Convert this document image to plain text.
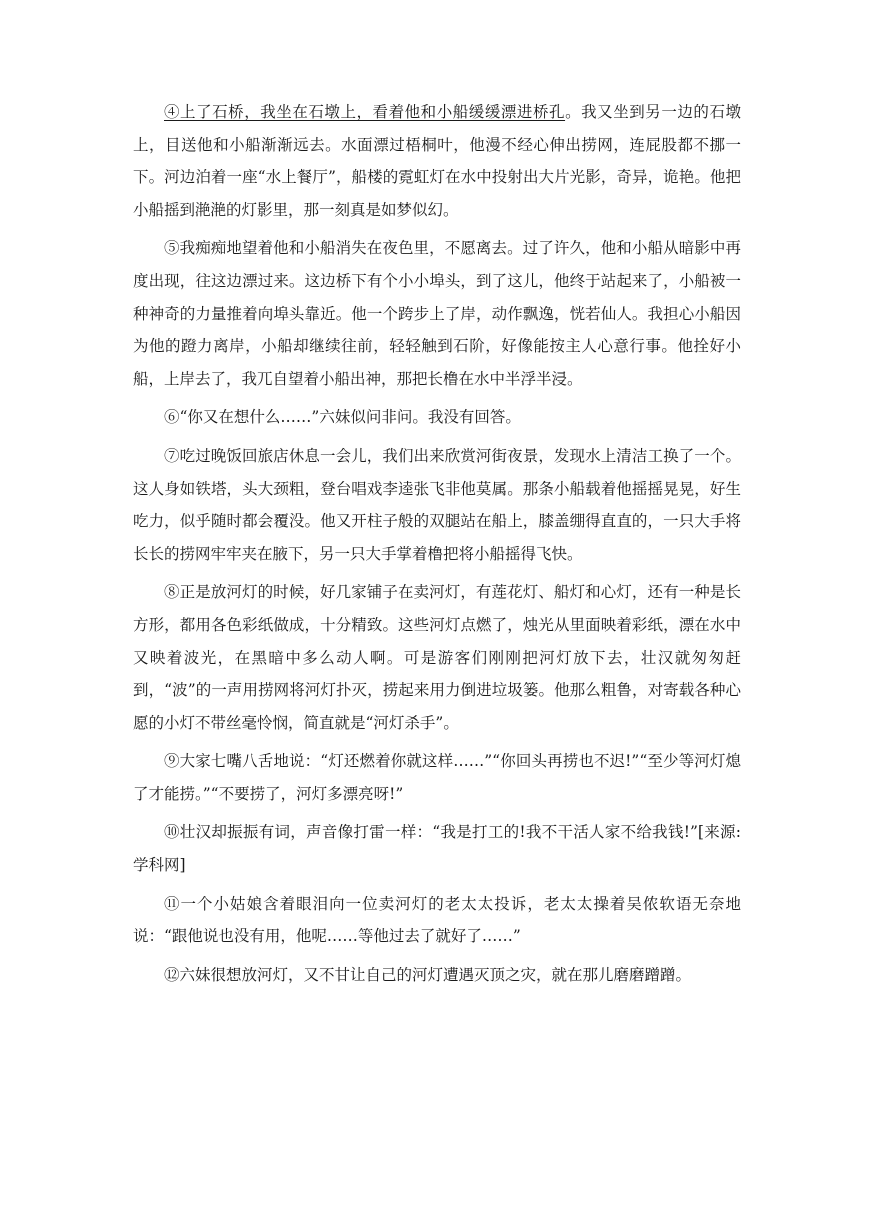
④上了石桥，我坐在石墩上，看着他和小船缓缓漂进桥孔。我又坐到另一边的石墩上，目送他和小船渐渐远去。水面漂过梧桐叶，他漫不经心伸出捞网，连屁股都不挪一下。河边泊着一座“水上餐厅”，船楼的霓虹灯在水中投射出大片光影，奇异，诡艳。他把小船摇到滟滟的灯影里，那一刻真是如梦似幻。

⑤我痴痴地望着他和小船消失在夜色里，不愿离去。过了许久，他和小船从暗影中再度出现，往这边漂过来。这边桥下有个小小埠头，到了这儿，他终于站起来了，小船被一种神奇的力量推着向埠头靠近。他一个跨步上了岸，动作飘逸，恍若仙人。我担心小船因为他的蹬力离岸，小船却继续往前，轻轻触到石阶，好像能按主人心意行事。他拴好小船，上岸去了，我兀自望着小船出神，那把长橹在水中半浮半浸。

⑥“你又在想什么……”六妹似问非问。我没有回答。

⑦吃过晚饭回旅店休息一会儿，我们出来欣赏河街夜景，发现水上清洁工换了一个。这人身如铁塔，头大颈粗，登台唱戏李逵张飞非他莫属。那条小船载着他摇摇晃晃，好生吃力，似乎随时都会覆没。他又开柱子般的双腿站在船上，膝盖绷得直直的，一只大手将长长的捞网牢牢夹在腋下，另一只大手掌着橹把将小船摇得飞快。

⑧正是放河灯的时候，好几家铺子在卖河灯，有莲花灯、船灯和心灯，还有一种是长方形，都用各色彩纸做成，十分精致。这些河灯点燃了，烛光从里面映着彩纸，漂在水中又映着波光，在黑暗中多么动人啊。可是游客们刚刚把河灯放下去，壮汉就匆匆赶到，“波”的一声用捞网将河灯扑灭，捞起来用力倒进垃圾篓。他那么粗鲁，对寄载各种心愿的小灯不带丝毫怜悯，简直就是“河灯杀手”。

⑨大家七嘴八舌地说：“灯还燃着你就这样……”“你回头再捞也不迟!”“至少等河灯熄了才能捞。”“不要捞了，河灯多漂亮呀!”

⑩壮汉却振振有词，声音像打雷一样：“我是打工的!我不干活人家不给我钱!”[来源:学科网]

⑪一个小姑娘含着眼泪向一位卖河灯的老太太投诉，老太太操着吴侬软语无奈地说：“跟他说也没有用，他呢……等他过去了就好了……”

⑫六妹很想放河灯，又不甘让自己的河灯遭遇灭顶之灾，就在那儿磨磨蹭蹭。
